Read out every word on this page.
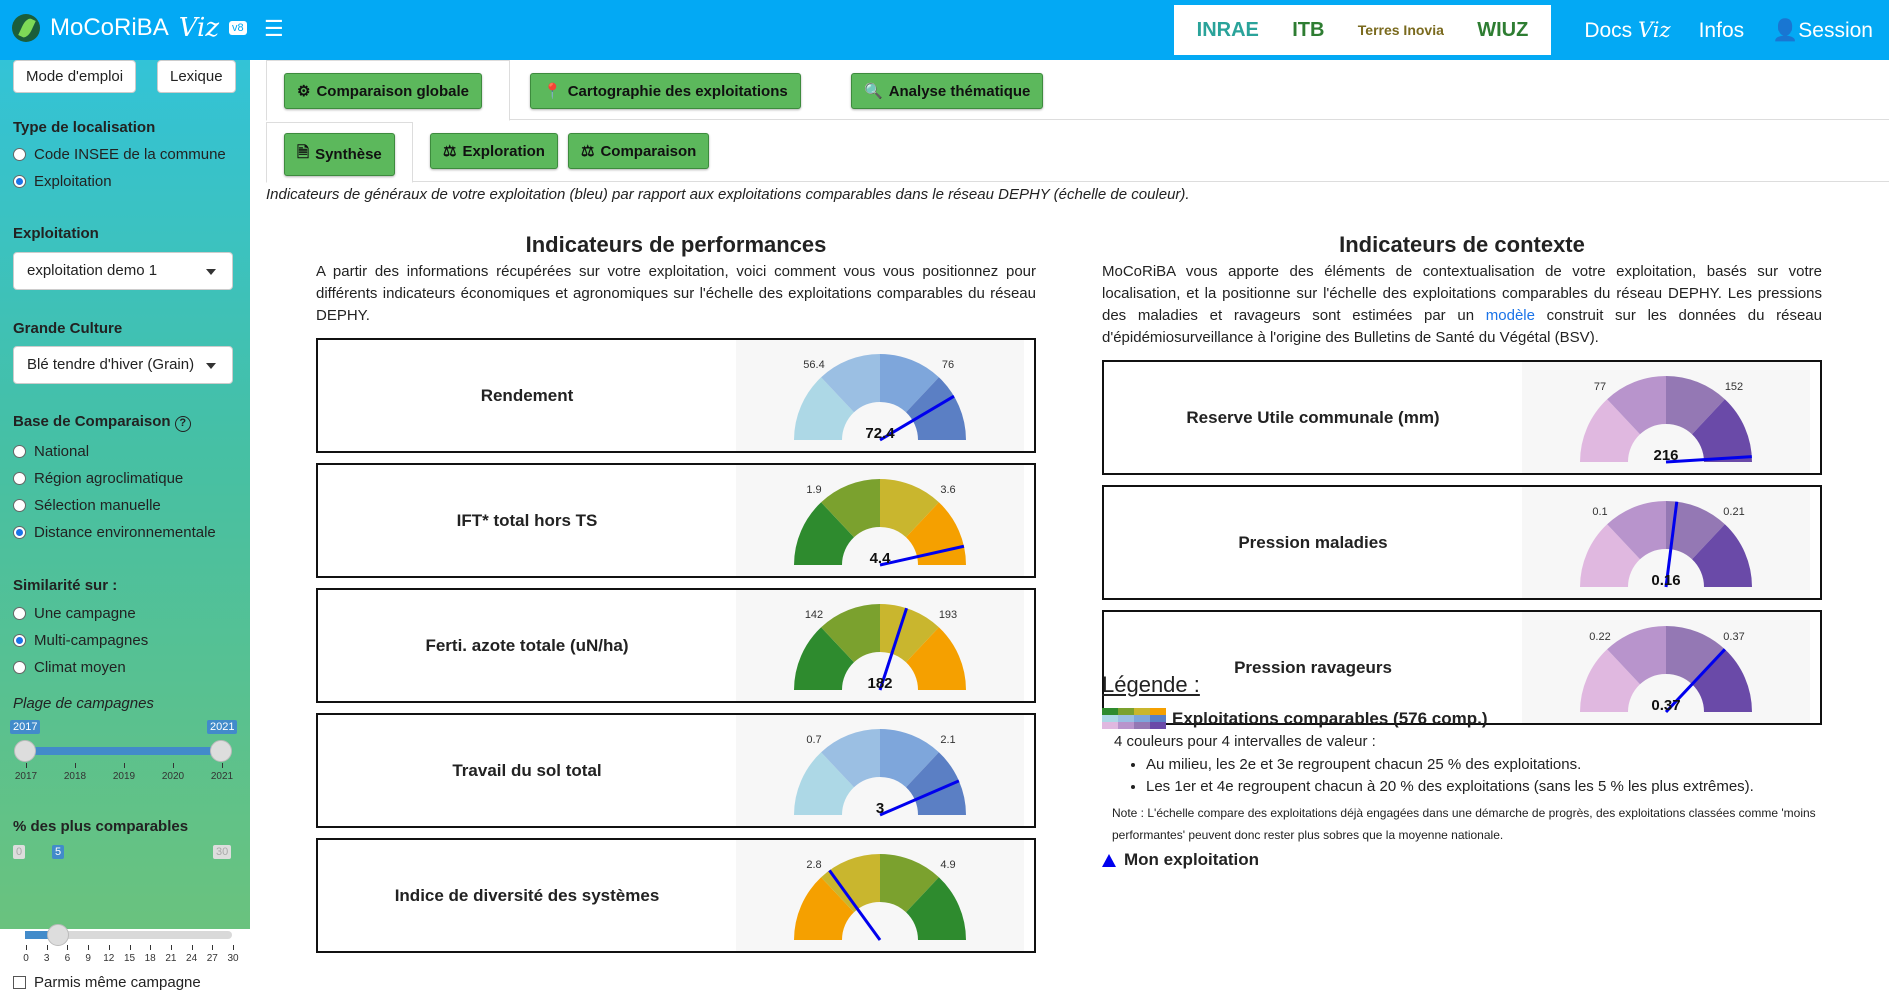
MoCoRiBA Viz v8 ☰	INRAE ITB Terres Inovia WIUZ	Docs Viz Infos 👤Session
Mode d'emploi	Lexique
Type de localisation
Code INSEE de la commune
Exploitation
Exploitation
exploitation demo 1
Grande Culture
Blé tendre d'hiver (Grain)
Base de Comparaison ?
National
Région agroclimatique
Sélection manuelle
Distance environnementale
Similarité sur :
Une campagne
Multi-campagnes
Climat moyen
Plage de campagnes
2017	2021
2017	2018	2019	2020	2021
% des plus comparables
0	5	30
0	3	6	9	12 15 18 21 24 27 30
Parmis même campagne
⚙ Comparaison globale	📍 Cartographie des exploitations	🔍 Analyse thématique
🗎 Synthèse	⚖ Exploration ⚖ Comparaison
Indicateurs de généraux de votre exploitation (bleu) par rapport aux exploitations comparables dans le réseau DEPHY (échelle de couleur).
Indicateurs de performances
A partir des informations récupérées sur votre exploitation, voici comment vous vous positionnez pour différents indicateurs économiques et agronomiques sur l'échelle des exploitations comparables du réseau DEPHY.
Indicateurs de contexte
MoCoRiBA vous apporte des éléments de contextualisation de votre exploitation, basés sur votre localisation, et la positionne sur l'échelle des exploitations comparables du réseau DEPHY. Les pressions des maladies et ravageurs sont estimées par un modèle construit sur les données du réseau d'épidémiosurveillance à l'origine des Bulletins de Santé du Végétal (BSV).
Rendement
56.4	76
72.4
IFT* total hors TS
1.9	3.6
4.4
Ferti. azote totale (uN/ha)
142	193
182
Travail du sol total
0.7	2.1
3
Indice de diversité des systèmes
2.8	4.9
Reserve Utile communale (mm)
77	152
216
Pression maladies
0.1	0.21
0.16
Pression ravageurs
0.22	0.37
0.37
Légende :
Exploitations comparables (576 comp.)
4 couleurs pour 4 intervalles de valeur :
• Au milieu, les 2e et 3e regroupent chacun 25 % des exploitations.
• Les 1er et 4e regroupent chacun à 20 % des exploitations (sans les 5 % les plus extrêmes).
Note : L'échelle compare des exploitations déjà engagées dans une démarche de progrès, des exploitations classées comme 'moins performantes' peuvent donc rester plus sobres que la moyenne nationale.
Mon exploitation
